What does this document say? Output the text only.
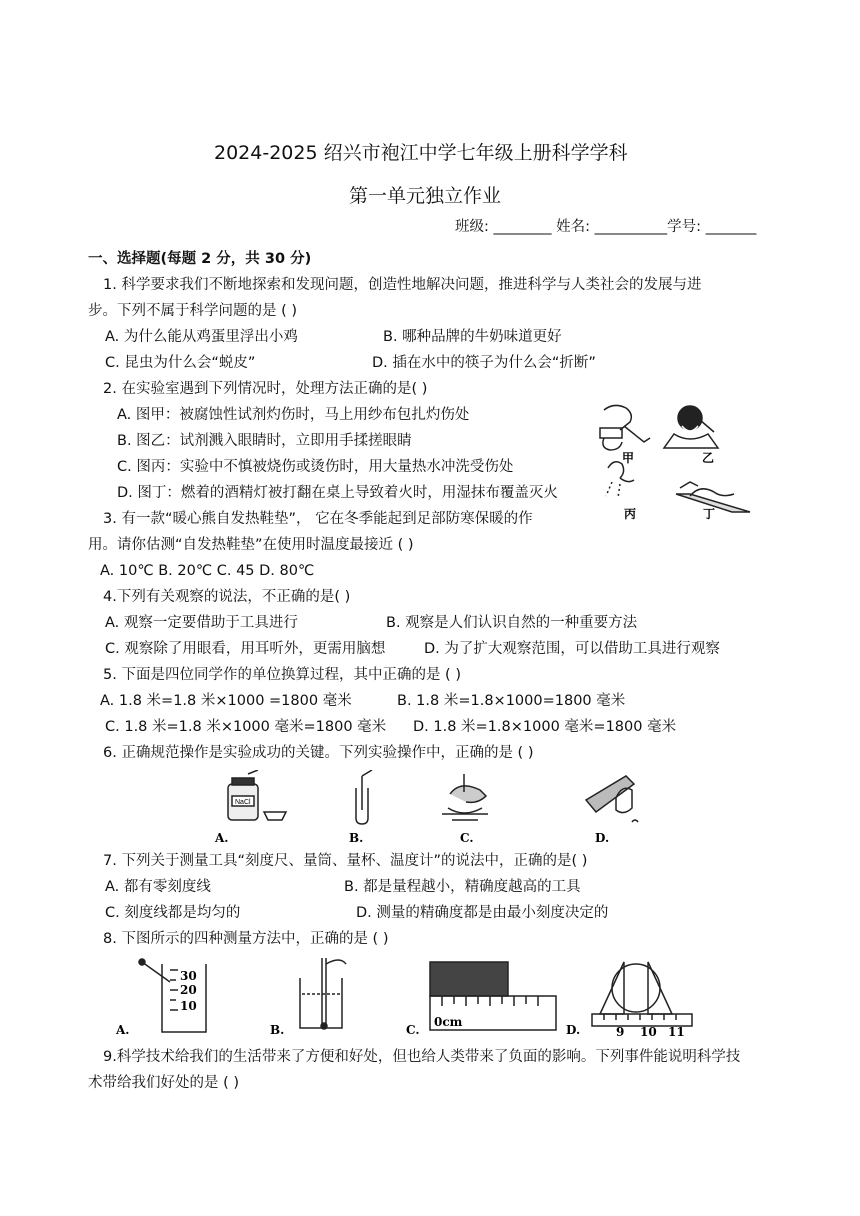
2024-2025 绍兴市袍江中学七年级上册科学学科
第一单元独立作业
班级: ________ 姓名: __________学号: _______
一、选择题(每题 2 分，共 30 分)
1. 科学要求我们不断地探索和发现问题，创造性地解决问题，推进科学与人类社会的发展与进
步。下列不属于科学问题的是 ( )
A. 为什么能从鸡蛋里浮出小鸡	B. 哪种品牌的牛奶味道更好
C. 昆虫为什么会“蜕皮”	D. 插在水中的筷子为什么会“折断”
2. 在实验室遇到下列情况时，处理方法正确的是( )
A. 图甲：被腐蚀性试剂灼伤时，马上用纱布包扎灼伤处
B. 图乙：试剂溅入眼睛时，立即用手揉搓眼睛
C. 图丙：实验中不慎被烧伤或烫伤时，用大量热水冲洗受伤处
D. 图丁：燃着的酒精灯被打翻在桌上导致着火时，用湿抹布覆盖灭火
甲	乙
丙	丁
3. 有一款“暖心熊自发热鞋垫”， 它在冬季能起到足部防寒保暖的作
用。请你估测“自发热鞋垫”在使用时温度最接近 ( )
A. 10℃ B. 20℃ C. 45 D. 80℃
4.下列有关观察的说法，不正确的是( )
A. 观察一定要借助于工具进行	B. 观察是人们认识自然的一种重要方法
C. 观察除了用眼看，用耳听外，更需用脑想	D. 为了扩大观察范围，可以借助工具进行观察
5. 下面是四位同学作的单位换算过程，其中正确的是 ( )
A. 1.8 米=1.8 米×1000 =1800 毫米	B. 1.8 米=1.8×1000=1800 毫米
C. 1.8 米=1.8 米×1000 毫米=1800 毫米 D. 1.8 米=1.8×1000 毫米=1800 毫米
6. 正确规范操作是实验成功的关键。下列实验操作中，正确的是 ( )
NaCl
A.	B.	C.	D.
7. 下列关于测量工具“刻度尺、量筒、量杯、温度计”的说法中，正确的是( )
A. 都有零刻度线	B. 都是量程越小，精确度越高的工具
C. 刻度线都是均匀的	D. 测量的精确度都是由最小刻度决定的
8. 下图所示的四种测量方法中，正确的是 ( )
30
20
10
0cm
9 10 11
A.	B.	C.	D.
9.科学技术给我们的生活带来了方便和好处，但也给人类带来了负面的影响。下列事件能说明科学技
术带给我们好处的是 ( )
